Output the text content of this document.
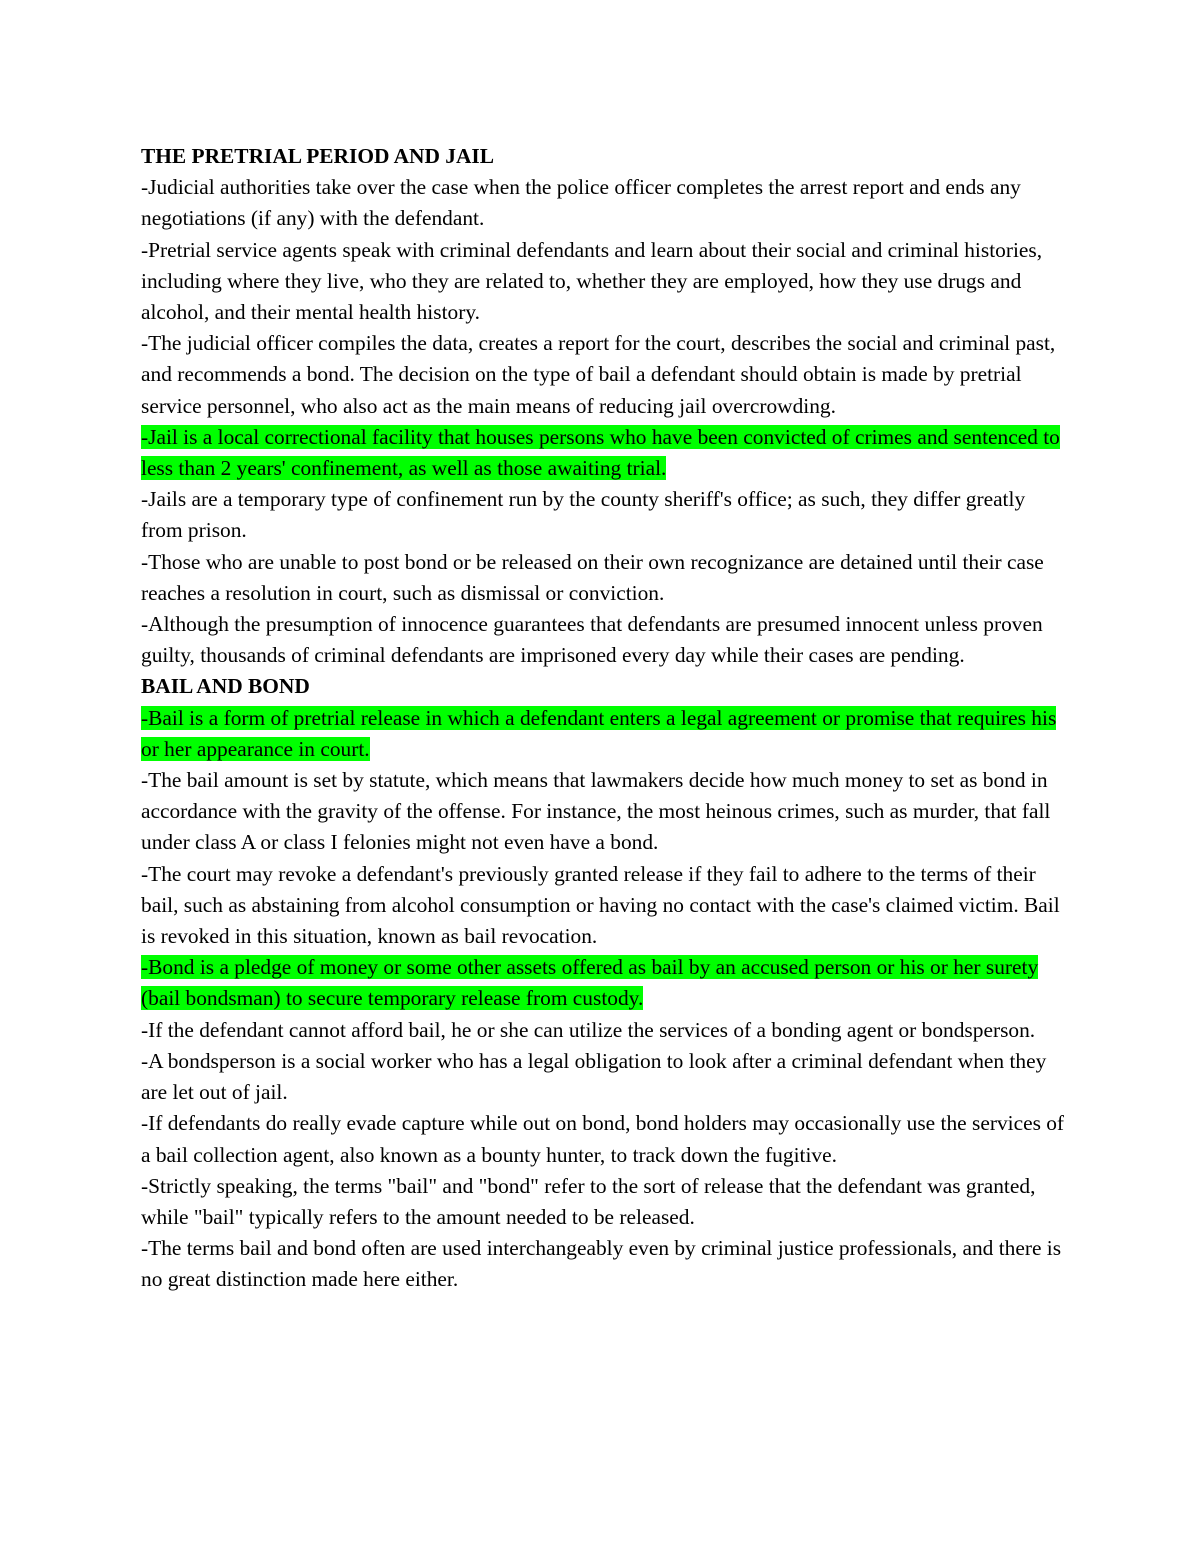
THE PRETRIAL PERIOD AND JAIL

-Judicial authorities take over the case when the police officer completes the arrest report and ends any negotiations (if any) with the defendant.

-Pretrial service agents speak with criminal defendants and learn about their social and criminal histories, including where they live, who they are related to, whether they are employed, how they use drugs and alcohol, and their mental health history.

-The judicial officer compiles the data, creates a report for the court, describes the social and criminal past, and recommends a bond. The decision on the type of bail a defendant should obtain is made by pretrial service personnel, who also act as the main means of reducing jail overcrowding.

-Jail is a local correctional facility that houses persons who have been convicted of crimes and sentenced to less than 2 years' confinement, as well as those awaiting trial.

-Jails are a temporary type of confinement run by the county sheriff's office; as such, they differ greatly from prison.

-Those who are unable to post bond or be released on their own recognizance are detained until their case reaches a resolution in court, such as dismissal or conviction.

-Although the presumption of innocence guarantees that defendants are presumed innocent unless proven guilty, thousands of criminal defendants are imprisoned every day while their cases are pending.

BAIL AND BOND

-Bail is a form of pretrial release in which a defendant enters a legal agreement or promise that requires his or her appearance in court.

-The bail amount is set by statute, which means that lawmakers decide how much money to set as bond in accordance with the gravity of the offense. For instance, the most heinous crimes, such as murder, that fall under class A or class I felonies might not even have a bond.

-The court may revoke a defendant's previously granted release if they fail to adhere to the terms of their bail, such as abstaining from alcohol consumption or having no contact with the case's claimed victim. Bail is revoked in this situation, known as bail revocation.

-Bond is a pledge of money or some other assets offered as bail by an accused person or his or her surety (bail bondsman) to secure temporary release from custody.

-If the defendant cannot afford bail, he or she can utilize the services of a bonding agent or bondsperson.

-A bondsperson is a social worker who has a legal obligation to look after a criminal defendant when they are let out of jail.

-If defendants do really evade capture while out on bond, bond holders may occasionally use the services of a bail collection agent, also known as a bounty hunter, to track down the fugitive.

-Strictly speaking, the terms "bail" and "bond" refer to the sort of release that the defendant was granted, while "bail" typically refers to the amount needed to be released.

-The terms bail and bond often are used interchangeably even by criminal justice professionals, and there is no great distinction made here either.
